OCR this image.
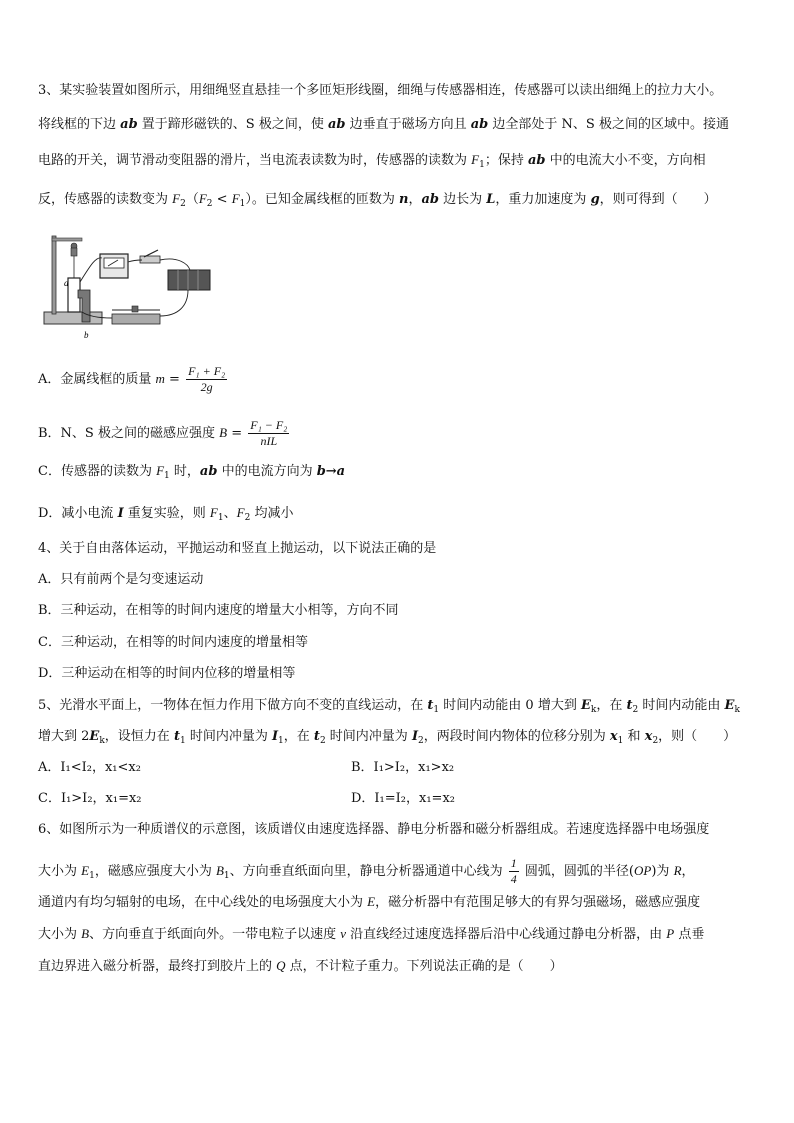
3、某实验装置如图所示，用细绳竖直悬挂一个多匝矩形线圈，细绳与传感器相连，传感器可以读出细绳上的拉力大小。
将线框的下边 ab 置于蹄形磁铁的、S 极之间，使 ab 边垂直于磁场方向且 ab 边全部处于 N、S 极之间的区域中。接通
电路的开关，调节滑动变阻器的滑片，当电流表读数为时，传感器的读数为 $F_1$；保持 ab 中的电流大小不变，方向相
反，传感器的读数变为 $F_2(F_2 < F_1)$。已知金属线框的匝数为 n，ab 边长为 L，重力加速度为 g，则可得到（　　）
a
b
A．金属线框的质量 $m = \frac{\text{F₁ + F₂}}{2g}$
B．N、S 极之间的磁感应强度 $B = \frac{\text{F₁ − F₂}}{\text{nIL}}$
C．传感器的读数为 $F_1$ 时，ab 中的电流方向为 b→a
D．减小电流 I 重复实验，则 $F_1$、$F_2$ 均减小
4、关于自由落体运动，平抛运动和竖直上抛运动，以下说法正确的是
A．只有前两个是匀变速运动
B．三种运动，在相等的时间内速度的增量大小相等，方向不同
C．三种运动，在相等的时间内速度的增量相等
D．三种运动在相等的时间内位移的增量相等
5、光滑水平面上，一物体在恒力作用下做方向不变的直线运动，在 $t_1$ 时间内动能由 0 增大到 $E_k$，在 $t_2$ 时间内动能由 $E_k$
增大到 $2E_k$，设恒力在 $t_1$ 时间内冲量为 $I_1$，在 $t_2$ 时间内冲量为 $I_2$，两段时间内物体的位移分别为 $x_1$ 和 $x_2$，则（　　）
A．I₁<I₂，x₁<x₂	B．I₁>I₂，x₁>x₂
C．I₁>I₂，x₁=x₂	D．I₁=I₂，x₁=x₂
6、如图所示为一种质谱仪的示意图，该质谱仪由速度选择器、静电分析器和磁分析器组成。若速度选择器中电场强度
大小为 $E_1$，磁感应强度大小为 $B_1$、方向垂直纸面向里，静电分析器通道中心线为 $\frac{1}{4}$ 圆弧，圆弧的半径(OP)为 R，
通道内有均匀辐射的电场，在中心线处的电场强度大小为 E，磁分析器中有范围足够大的有界匀强磁场，磁感应强度
大小为 B、方向垂直于纸面向外。一带电粒子以速度 v 沿直线经过速度选择器后沿中心线通过静电分析器，由 P 点垂
直边界进入磁分析器，最终打到胶片上的 Q 点，不计粒子重力。下列说法正确的是（　　）
